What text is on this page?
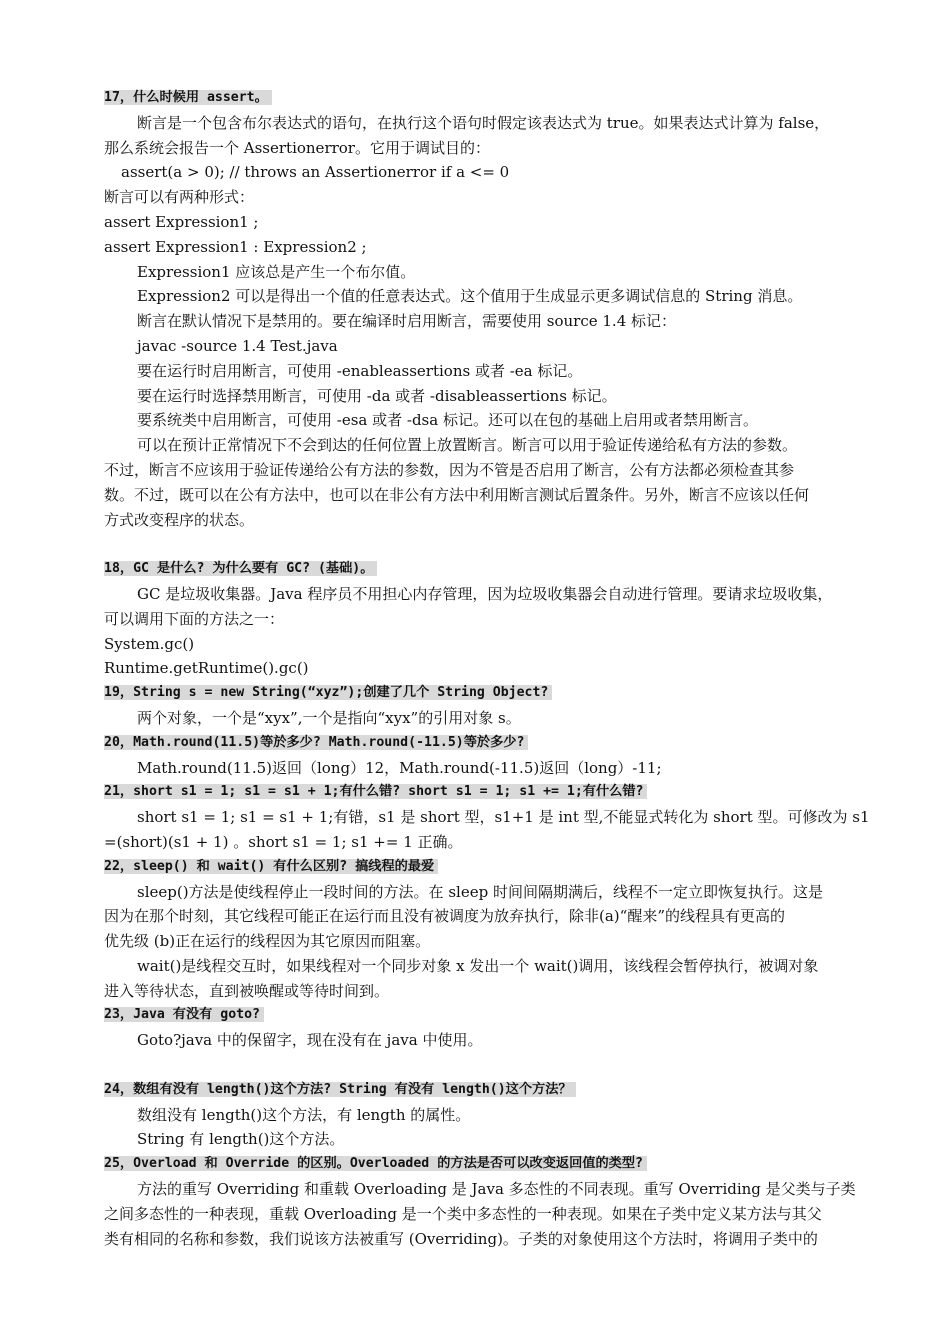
17，什么时候用 assert。
断言是一个包含布尔表达式的语句，在执行这个语句时假定该表达式为 true。如果表达式计算为 false，
那么系统会报告一个 Assertionerror。它用于调试目的：
assert(a > 0); // throws an Assertionerror if a <= 0
断言可以有两种形式：
assert Expression1 ;
assert Expression1 : Expression2 ;
Expression1 应该总是产生一个布尔值。
Expression2 可以是得出一个值的任意表达式。这个值用于生成显示更多调试信息的 String 消息。
断言在默认情况下是禁用的。要在编译时启用断言，需要使用 source 1.4 标记：
javac -source 1.4 Test.java
要在运行时启用断言，可使用 -enableassertions 或者 -ea 标记。
要在运行时选择禁用断言，可使用 -da 或者 -disableassertions 标记。
要系统类中启用断言，可使用 -esa 或者 -dsa 标记。还可以在包的基础上启用或者禁用断言。
可以在预计正常情况下不会到达的任何位置上放置断言。断言可以用于验证传递给私有方法的参数。
不过，断言不应该用于验证传递给公有方法的参数，因为不管是否启用了断言，公有方法都必须检查其参
数。不过，既可以在公有方法中，也可以在非公有方法中利用断言测试后置条件。另外，断言不应该以任何
方式改变程序的状态。
18，GC 是什么? 为什么要有 GC? (基础)。
GC 是垃圾收集器。Java 程序员不用担心内存管理，因为垃圾收集器会自动进行管理。要请求垃圾收集，
可以调用下面的方法之一：
System.gc()
Runtime.getRuntime().gc()
19，String s = new String(“xyz”);创建了几个 String Object?
两个对象，一个是“xyx”,一个是指向“xyx”的引用对象 s。
20，Math.round(11.5)等於多少? Math.round(-11.5)等於多少?
Math.round(11.5)返回（long）12，Math.round(-11.5)返回（long）-11;
21，short s1 = 1; s1 = s1 + 1;有什么错? short s1 = 1; s1 += 1;有什么错?
short s1 = 1; s1 = s1 + 1;有错，s1 是 short 型，s1+1 是 int 型,不能显式转化为 short 型。可修改为 s1
=(short)(s1 + 1) 。short s1 = 1; s1 += 1 正确。
22，sleep() 和 wait() 有什么区别? 搞线程的最爱
sleep()方法是使线程停止一段时间的方法。在 sleep 时间间隔期满后，线程不一定立即恢复执行。这是
因为在那个时刻，其它线程可能正在运行而且没有被调度为放弃执行，除非(a)“醒来”的线程具有更高的
优先级 (b)正在运行的线程因为其它原因而阻塞。
wait()是线程交互时，如果线程对一个同步对象 x 发出一个 wait()调用，该线程会暂停执行，被调对象
进入等待状态，直到被唤醒或等待时间到。
23，Java 有没有 goto?
Goto?java 中的保留字，现在没有在 java 中使用。
24，数组有没有 length()这个方法? String 有没有 length()这个方法？
数组没有 length()这个方法，有 length 的属性。
String 有 length()这个方法。
25，Overload 和 Override 的区别。Overloaded 的方法是否可以改变返回值的类型?
方法的重写 Overriding 和重载 Overloading 是 Java 多态性的不同表现。重写 Overriding 是父类与子类
之间多态性的一种表现，重载 Overloading 是一个类中多态性的一种表现。如果在子类中定义某方法与其父
类有相同的名称和参数，我们说该方法被重写 (Overriding)。子类的对象使用这个方法时，将调用子类中的
